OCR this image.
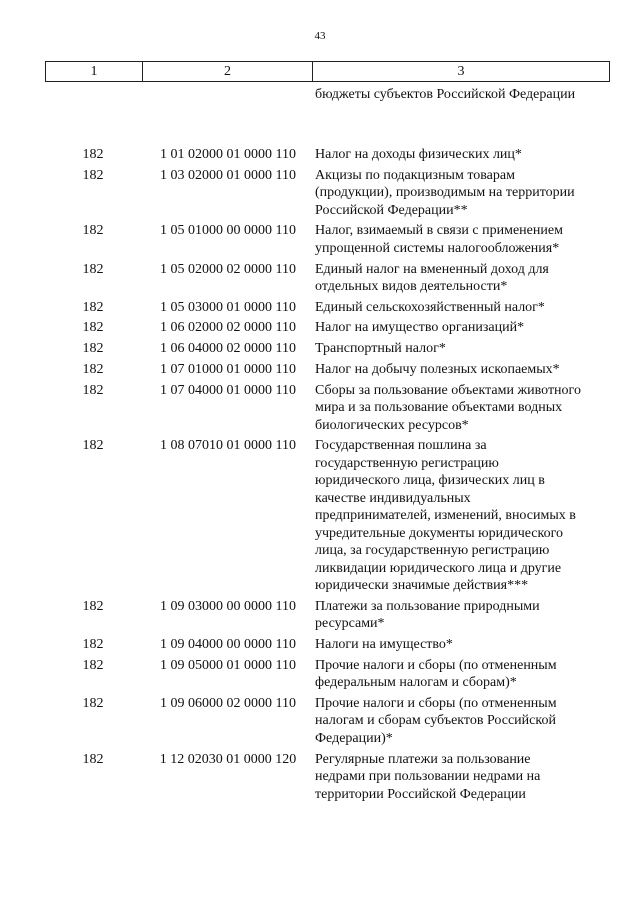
43
1	2	3
бюджеты субъектов Российской Федерации
182	1 01 02000 01 0000 110	Налог на доходы физических лиц*
182	1 03 02000 01 0000 110	Акцизы по подакцизным товарам
(продукции), производимым на территории
Российской Федерации**
182	1 05 01000 00 0000 110	Налог, взимаемый в связи с применением
упрощенной системы налогообложения*
182	1 05 02000 02 0000 110	Единый налог на вмененный доход для
отдельных видов деятельности*
182	1 05 03000 01 0000 110	Единый сельскохозяйственный налог*
182	1 06 02000 02 0000 110	Налог на имущество организаций*
182	1 06 04000 02 0000 110	Транспортный налог*
182	1 07 01000 01 0000 110	Налог на добычу полезных ископаемых*
182	1 07 04000 01 0000 110	Сборы за пользование объектами животного
мира и за пользование объектами водных
биологических ресурсов*
182	1 08 07010 01 0000 110	Государственная пошлина за
государственную регистрацию
юридического лица, физических лиц в
качестве индивидуальных
предпринимателей, изменений, вносимых в
учредительные документы юридического
лица, за государственную регистрацию
ликвидации юридического лица и другие
юридически значимые действия***
182	1 09 03000 00 0000 110	Платежи за пользование природными
ресурсами*
182	1 09 04000 00 0000 110	Налоги на имущество*
182	1 09 05000 01 0000 110	Прочие налоги и сборы (по отмененным
федеральным налогам и сборам)*
182	1 09 06000 02 0000 110	Прочие налоги и сборы (по отмененным
налогам и сборам субъектов Российской
Федерации)*
182	1 12 02030 01 0000 120	Регулярные платежи за пользование
недрами при пользовании недрами на
территории Российской Федерации
